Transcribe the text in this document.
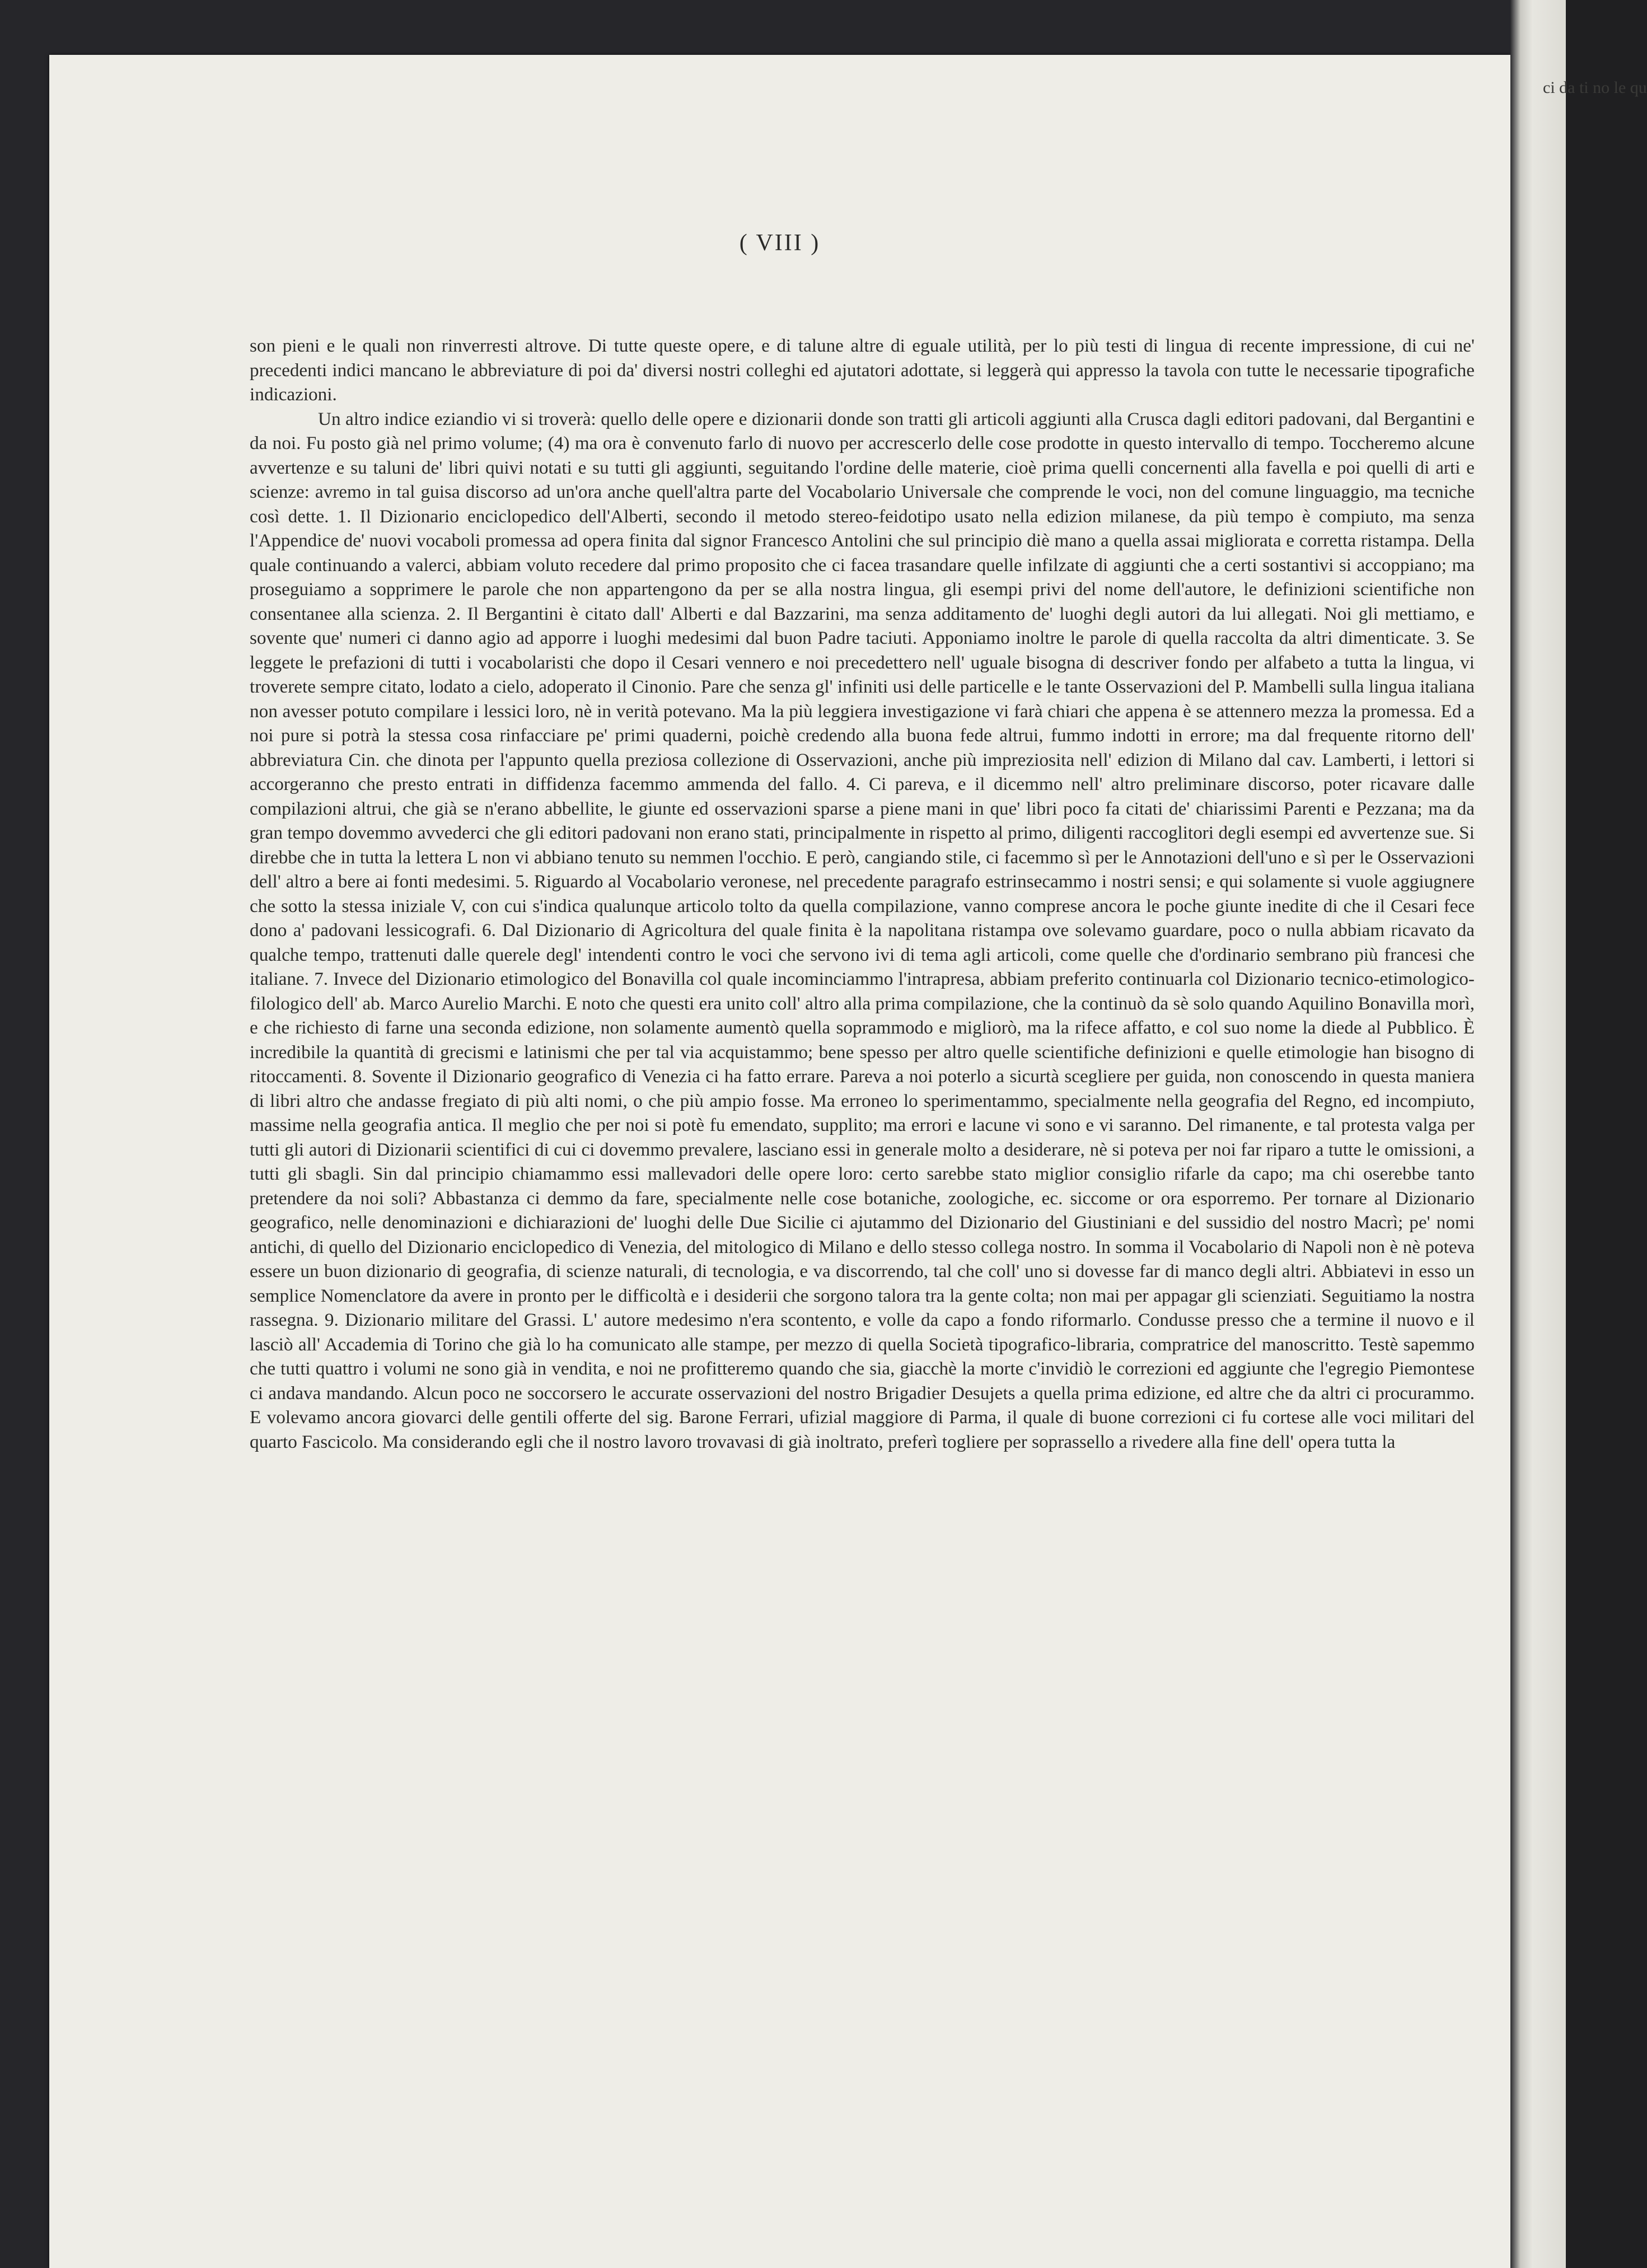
( VIII )

son pieni e le quali non rinverresti altrove. Di tutte queste opere, e di talune altre di eguale utilità, per lo più testi di lingua di recente impressione, di cui ne' precedenti indici mancano le abbreviature di poi da' diversi nostri colleghi ed ajutatori adottate, si leggerà qui appresso la tavola con tutte le necessarie tipografiche indicazioni.

Un altro indice eziandio vi si troverà: quello delle opere e dizionarii donde son tratti gli articoli aggiunti alla Crusca dagli editori padovani, dal Bergantini e da noi. Fu posto già nel primo volume; (4) ma ora è convenuto farlo di nuovo per accrescerlo delle cose prodotte in questo intervallo di tempo. Toccheremo alcune avvertenze e su taluni de' libri quivi notati e su tutti gli aggiunti, seguitando l'ordine delle materie, cioè prima quelli concernenti alla favella e poi quelli di arti e scienze: avremo in tal guisa discorso ad un'ora anche quell'altra parte del Vocabolario Universale che comprende le voci, non del comune linguaggio, ma tecniche così dette. 1. Il Dizionario enciclopedico dell'Alberti, secondo il metodo stereo-feidotipo usato nella edizion milanese, da più tempo è compiuto, ma senza l'Appendice de' nuovi vocaboli promessa ad opera finita dal signor Francesco Antolini che sul principio diè mano a quella assai migliorata e corretta ristampa. Della quale continuando a valerci, abbiam voluto recedere dal primo proposito che ci facea trasandare quelle infilzate di aggiunti che a certi sostantivi si accoppiano; ma proseguiamo a sopprimere le parole che non appartengono da per se alla nostra lingua, gli esempi privi del nome dell'autore, le definizioni scientifiche non consentanee alla scienza. 2. Il Bergantini è citato dall' Alberti e dal Bazzarini, ma senza additamento de' luoghi degli autori da lui allegati. Noi gli mettiamo, e sovente que' numeri ci danno agio ad apporre i luoghi medesimi dal buon Padre taciuti. Apponiamo inoltre le parole di quella raccolta da altri dimenticate. 3. Se leggete le prefazioni di tutti i vocabolaristi che dopo il Cesari vennero e noi precedettero nell' uguale bisogna di descriver fondo per alfabeto a tutta la lingua, vi troverete sempre citato, lodato a cielo, adoperato il Cinonio. Pare che senza gl' infiniti usi delle particelle e le tante Osservazioni del P. Mambelli sulla lingua italiana non avesser potuto compilare i lessici loro, nè in verità potevano. Ma la più leggiera investigazione vi farà chiari che appena è se attennero mezza la promessa. Ed a noi pure si potrà la stessa cosa rinfacciare pe' primi quaderni, poichè credendo alla buona fede altrui, fummo indotti in errore; ma dal frequente ritorno dell' abbreviatura Cin. che dinota per l'appunto quella preziosa collezione di Osservazioni, anche più impreziosita nell' edizion di Milano dal cav. Lamberti, i lettori si accorgeranno che presto entrati in diffidenza facemmo ammenda del fallo. 4. Ci pareva, e il dicemmo nell' altro preliminare discorso, poter ricavare dalle compilazioni altrui, che già se n'erano abbellite, le giunte ed osservazioni sparse a piene mani in que' libri poco fa citati de' chiarissimi Parenti e Pezzana; ma da gran tempo dovemmo avvederci che gli editori padovani non erano stati, principalmente in rispetto al primo, diligenti raccoglitori degli esempi ed avvertenze sue. Si direbbe che in tutta la lettera L non vi abbiano tenuto su nemmen l'occhio. E però, cangiando stile, ci facemmo sì per le Annotazioni dell'uno e sì per le Osservazioni dell' altro a bere ai fonti medesimi. 5. Riguardo al Vocabolario veronese, nel precedente paragrafo estrinsecammo i nostri sensi; e qui solamente si vuole aggiugnere che sotto la stessa iniziale V, con cui s'indica qualunque articolo tolto da quella compilazione, vanno comprese ancora le poche giunte inedite di che il Cesari fece dono a' padovani lessicografi. 6. Dal Dizionario di Agricoltura del quale finita è la napolitana ristampa ove solevamo guardare, poco o nulla abbiam ricavato da qualche tempo, trattenuti dalle querele degl' intendenti contro le voci che servono ivi di tema agli articoli, come quelle che d'ordinario sembrano più francesi che italiane. 7. Invece del Dizionario etimologico del Bonavilla col quale incominciammo l'intrapresa, abbiam preferito continuarla col Dizionario tecnico-etimologico-filologico dell' ab. Marco Aurelio Marchi. E noto che questi era unito coll' altro alla prima compilazione, che la continuò da sè solo quando Aquilino Bonavilla morì, e che richiesto di farne una seconda edizione, non solamente aumentò quella soprammodo e migliorò, ma la rifece affatto, e col suo nome la diede al Pubblico. È incredibile la quantità di grecismi e latinismi che per tal via acquistammo; bene spesso per altro quelle scientifiche definizioni e quelle etimologie han bisogno di ritoccamenti. 8. Sovente il Dizionario geografico di Venezia ci ha fatto errare. Pareva a noi poterlo a sicurtà scegliere per guida, non conoscendo in questa maniera di libri altro che andasse fregiato di più alti nomi, o che più ampio fosse. Ma erroneo lo sperimentammo, specialmente nella geografia del Regno, ed incompiuto, massime nella geografia antica. Il meglio che per noi si potè fu emendato, supplito; ma errori e lacune vi sono e vi saranno. Del rimanente, e tal protesta valga per tutti gli autori di Dizionarii scientifici di cui ci dovemmo prevalere, lasciano essi in generale molto a desiderare, nè si poteva per noi far riparo a tutte le omissioni, a tutti gli sbagli. Sin dal principio chiamammo essi mallevadori delle opere loro: certo sarebbe stato miglior consiglio rifarle da capo; ma chi oserebbe tanto pretendere da noi soli? Abbastanza ci demmo da fare, specialmente nelle cose botaniche, zoologiche, ec. siccome or ora esporremo. Per tornare al Dizionario geografico, nelle denominazioni e dichiarazioni de' luoghi delle Due Sicilie ci ajutammo del Dizionario del Giustiniani e del sussidio del nostro Macrì; pe' nomi antichi, di quello del Dizionario enciclopedico di Venezia, del mitologico di Milano e dello stesso collega nostro. In somma il Vocabolario di Napoli non è nè poteva essere un buon dizionario di geografia, di scienze naturali, di tecnologia, e va discorrendo, tal che coll' uno si dovesse far di manco degli altri. Abbiatevi in esso un semplice Nomenclatore da avere in pronto per le difficoltà e i desiderii che sorgono talora tra la gente colta; non mai per appagar gli scienziati. Seguitiamo la nostra rassegna. 9. Dizionario militare del Grassi. L' autore medesimo n'era scontento, e volle da capo a fondo riformarlo. Condusse presso che a termine il nuovo e il lasciò all' Accademia di Torino che già lo ha comunicato alle stampe, per mezzo di quella Società tipografico-libraria, compratrice del manoscritto. Testè sapemmo che tutti quattro i volumi ne sono già in vendita, e noi ne profitteremo quando che sia, giacchè la morte c'invidiò le correzioni ed aggiunte che l'egregio Piemontese ci andava mandando. Alcun poco ne soccorsero le accurate osservazioni del nostro Brigadier Desujets a quella prima edizione, ed altre che da altri ci procurammo. E volevamo ancora giovarci delle gentili offerte del sig. Barone Ferrari, ufizial maggiore di Parma, il quale di buone correzioni ci fu cortese alle voci militari del quarto Fascicolo. Ma considerando egli che il nostro lavoro trovavasi di già inoltrato, preferì togliere per soprassello a rivedere alla fine dell' opera tutta la

ci da ti no le qu
